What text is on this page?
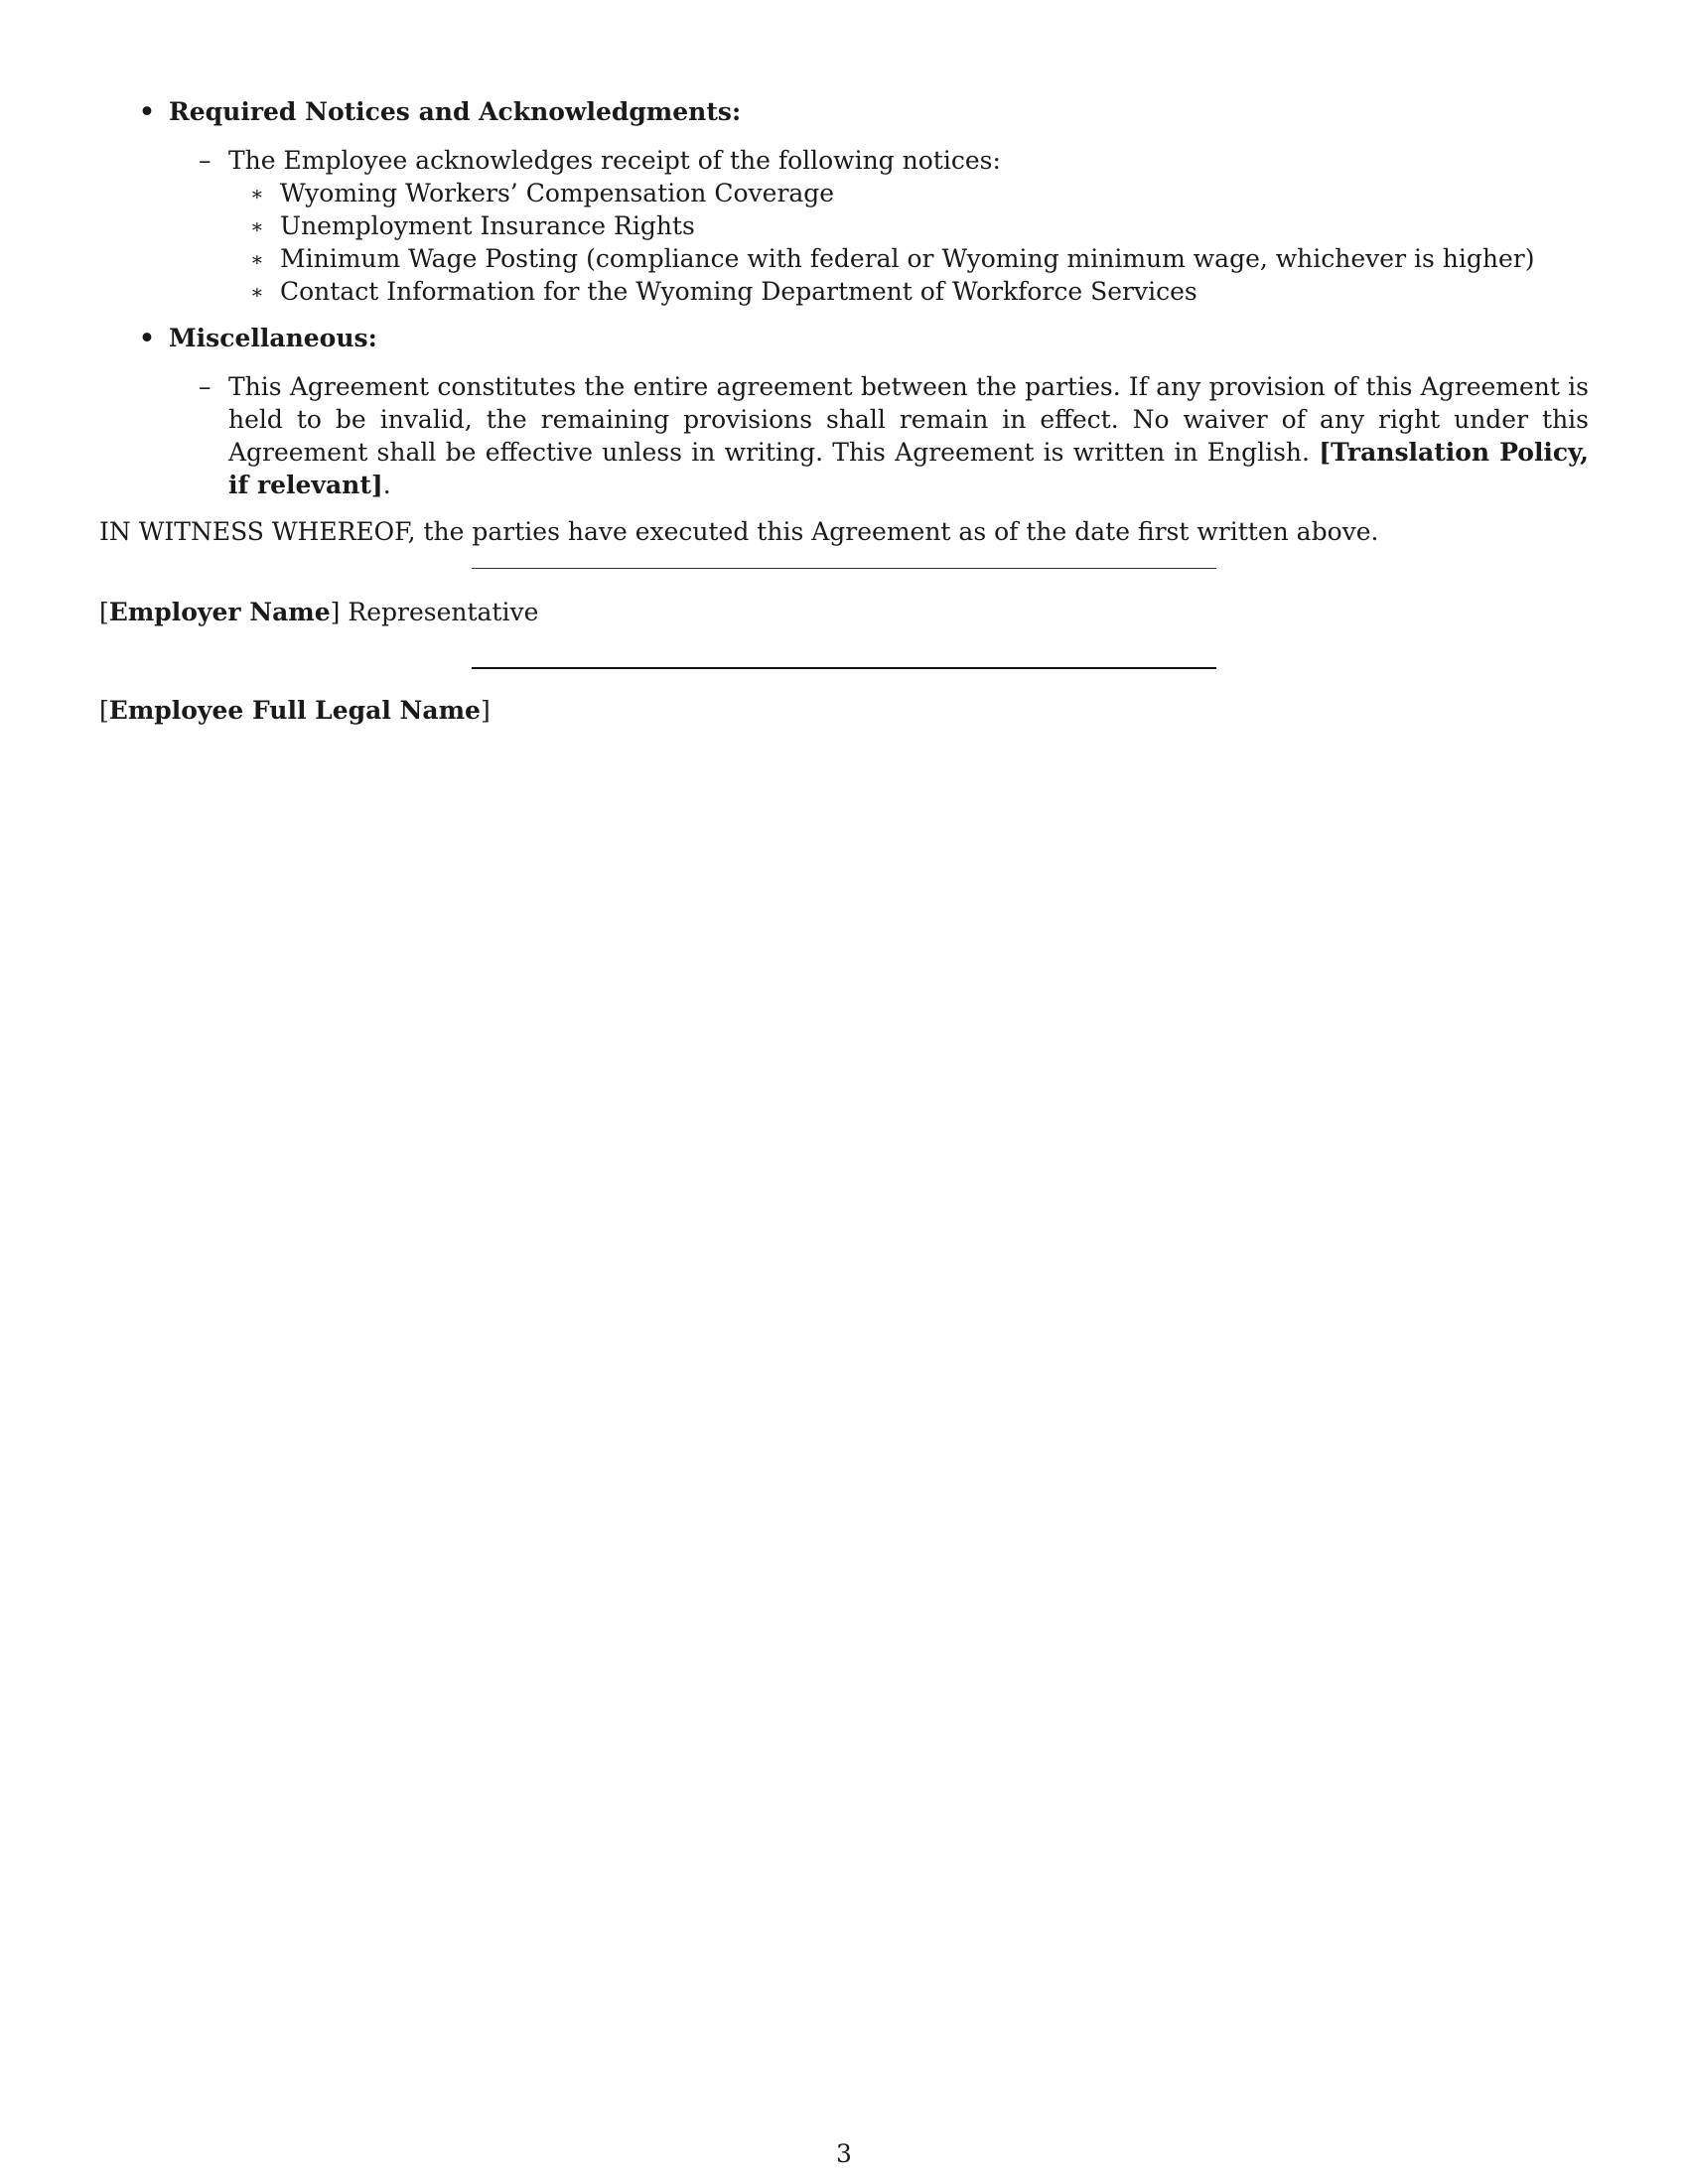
• Required Notices and Acknowledgments:
– The Employee acknowledges receipt of the following notices:
∗ Wyoming Workers’ Compensation Coverage
∗ Unemployment Insurance Rights
∗ Minimum Wage Posting (compliance with federal or Wyoming minimum wage, whichever is higher)
∗ Contact Information for the Wyoming Department of Workforce Services
• Miscellaneous:
– This Agreement constitutes the entire agreement between the parties. If any provision of this Agreement is held to be invalid, the remaining provisions shall remain in effect. No waiver of any right under this Agreement shall be effective unless in writing. This Agreement is written in English. [Translation Policy, if relevant].
IN WITNESS WHEREOF, the parties have executed this Agreement as of the date first written above.
[Employer Name] Representative
[Employee Full Legal Name]
3
